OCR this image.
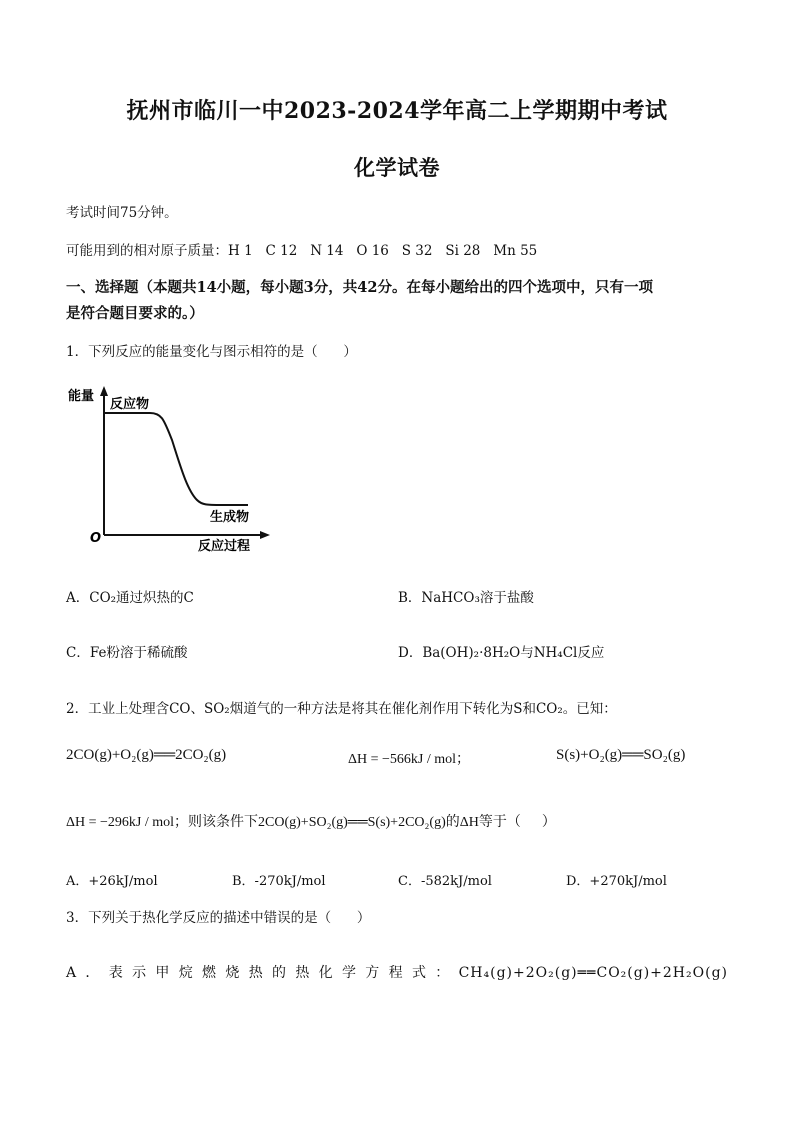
抚州市临川一中2023-2024学年高二上学期期中考试
化学试卷
考试时间75分钟。
可能用到的相对原子质量：H 1   C 12   N 14   O 16   S 32   Si 28   Mn 55
一、选择题（本题共14小题，每小题3分，共42分。在每小题给出的四个选项中，只有一项
是符合题目要求的。）
1．下列反应的能量变化与图示相符的是（      ）
能量
反应物
生成物
O
反应过程
A．CO₂通过炽热的C	B．NaHCO₃溶于盐酸
C．Fe粉溶于稀硫酸	D．Ba(OH)₂·8H₂O与NH₄Cl反应
2．工业上处理含CO、SO₂烟道气的一种方法是将其在催化剂作用下转化为S和CO₂。已知：
2CO(g)+O₂(g)══2CO₂(g)	ΔH = −566kJ / mol；	S(s)+O₂(g)══SO₂(g)
ΔH = −296kJ / mol；则该条件下2CO(g)+SO₂(g)══S(s)+2CO₂(g)的ΔH等于（      ）
A．+26kJ/mol	B．-270kJ/mol	C．-582kJ/mol	D．+270kJ/mol
3．下列关于热化学反应的描述中错误的是（      ）
A．表示甲烷燃烧热的热化学方程式：CH₄(g)+2O₂(g)══CO₂(g)+2H₂O(g)
